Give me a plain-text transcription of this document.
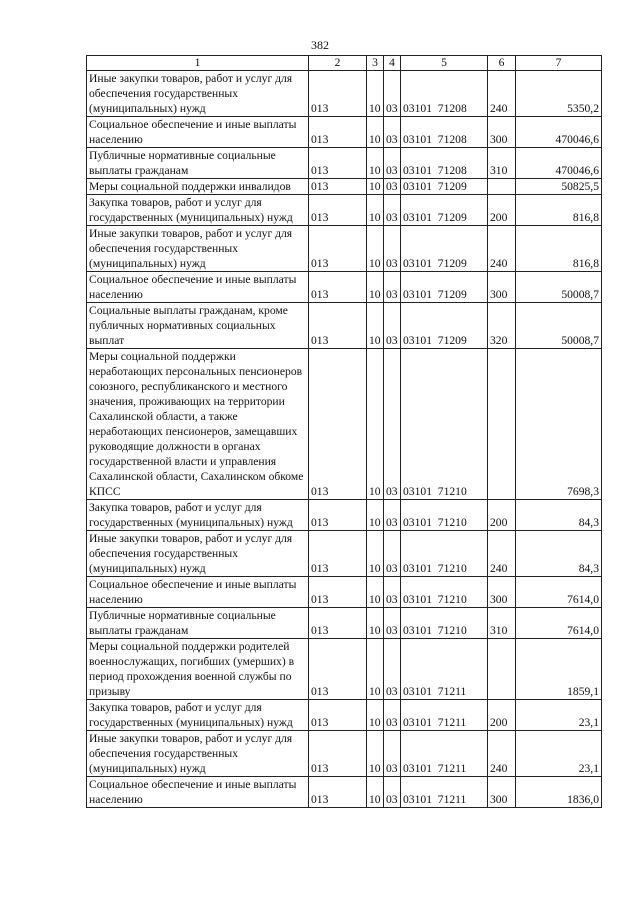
382
1	2	3	4	5	6	7
Иные закупки товаров, работ и услуг для обеспечения государственных (муниципальных) нужд	013	10	03	03101  71208	240	5350,2
Социальное обеспечение и иные выплаты населению	013	10	03	03101  71208	300	470046,6
Публичные нормативные социальные выплаты гражданам	013	10	03	03101  71208	310	470046,6
Меры социальной поддержки инвалидов	013	10	03	03101  71209		50825,5
Закупка товаров, работ и услуг для государственных (муниципальных) нужд	013	10	03	03101  71209	200	816,8
Иные закупки товаров, работ и услуг для обеспечения государственных (муниципальных) нужд	013	10	03	03101  71209	240	816,8
Социальное обеспечение и иные выплаты населению	013	10	03	03101  71209	300	50008,7
Социальные выплаты гражданам, кроме публичных нормативных социальных выплат	013	10	03	03101  71209	320	50008,7
Меры социальной поддержки неработающих персональных пенсионеров союзного, республиканского и местного значения, проживающих на территории Сахалинской области, а также неработающих пенсионеров, замещавших руководящие должности в органах государственной власти и управления Сахалинской области, Сахалинском обкоме КПСС	013	10	03	03101  71210		7698,3
Закупка товаров, работ и услуг для государственных (муниципальных) нужд	013	10	03	03101  71210	200	84,3
Иные закупки товаров, работ и услуг для обеспечения государственных (муниципальных) нужд	013	10	03	03101  71210	240	84,3
Социальное обеспечение и иные выплаты населению	013	10	03	03101  71210	300	7614,0
Публичные нормативные социальные выплаты гражданам	013	10	03	03101  71210	310	7614,0
Меры социальной поддержки родителей военнослужащих, погибших (умерших) в период прохождения военной службы по призыву	013	10	03	03101  71211		1859,1
Закупка товаров, работ и услуг для государственных (муниципальных) нужд	013	10	03	03101  71211	200	23,1
Иные закупки товаров, работ и услуг для обеспечения государственных (муниципальных) нужд	013	10	03	03101  71211	240	23,1
Социальное обеспечение и иные выплаты населению	013	10	03	03101  71211	300	1836,0
